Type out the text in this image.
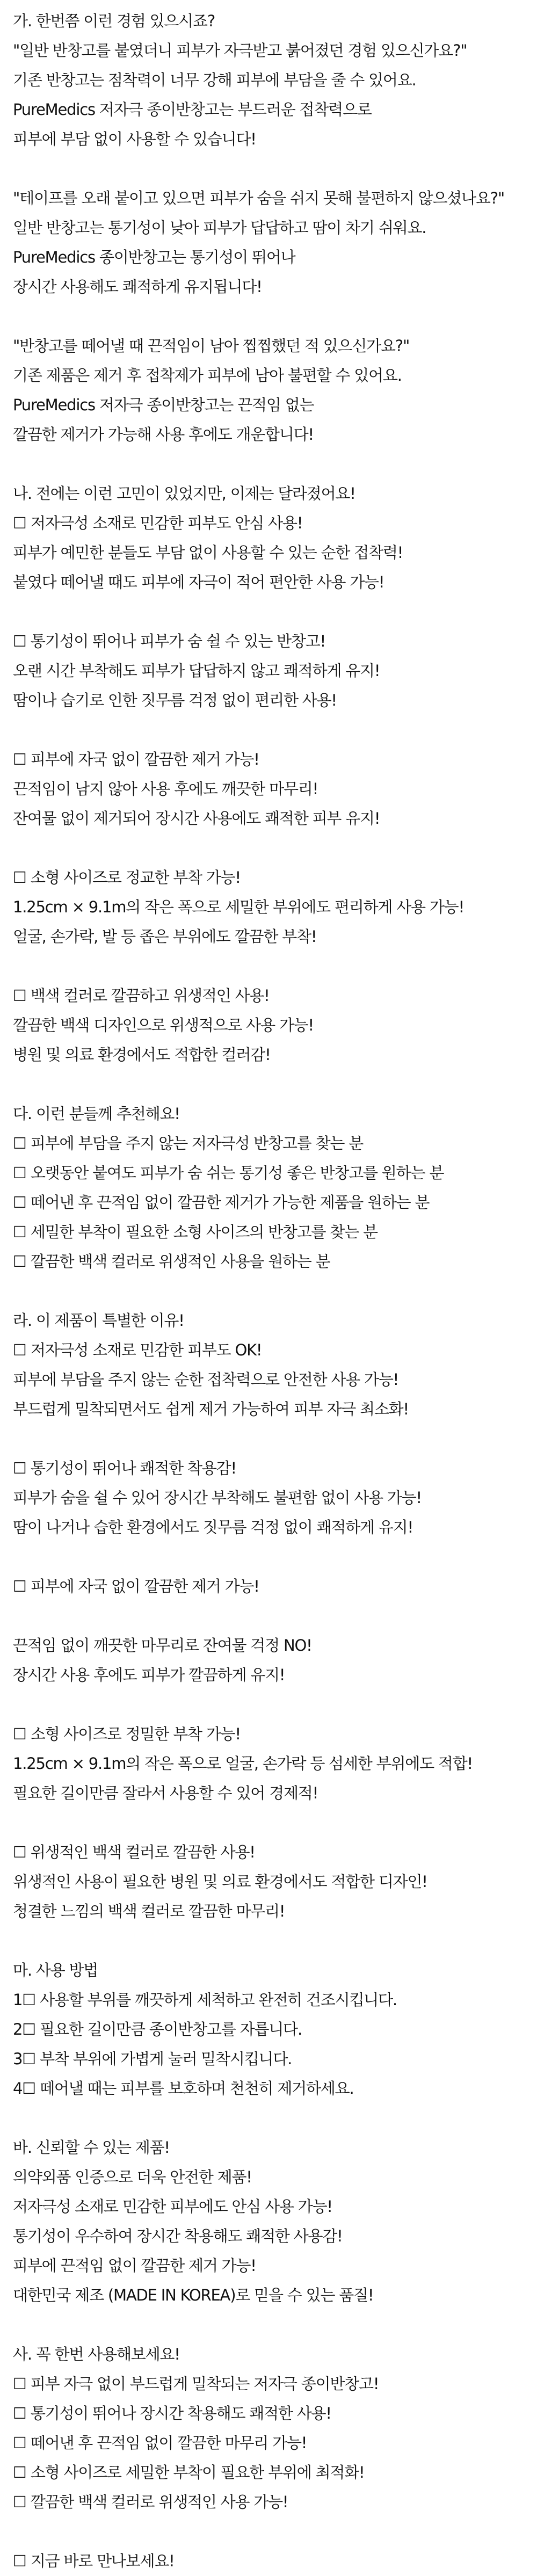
가. 한번쯤 이런 경험 있으시죠?
"일반 반창고를 붙였더니 피부가 자극받고 붉어졌던 경험 있으신가요?"
기존 반창고는 점착력이 너무 강해 피부에 부담을 줄 수 있어요.
PureMedics 저자극 종이반창고는 부드러운 접착력으로
피부에 부담 없이 사용할 수 있습니다!
"테이프를 오래 붙이고 있으면 피부가 숨을 쉬지 못해 불편하지 않으셨나요?"
일반 반창고는 통기성이 낮아 피부가 답답하고 땀이 차기 쉬워요.
PureMedics 종이반창고는 통기성이 뛰어나
장시간 사용해도 쾌적하게 유지됩니다!
"반창고를 떼어낼 때 끈적임이 남아 찝찝했던 적 있으신가요?"
기존 제품은 제거 후 접착제가 피부에 남아 불편할 수 있어요.
PureMedics 저자극 종이반창고는 끈적임 없는
깔끔한 제거가 가능해 사용 후에도 개운합니다!
나. 전에는 이런 고민이 있었지만, 이제는 달라졌어요!
☐ 저자극성 소재로 민감한 피부도 안심 사용!
피부가 예민한 분들도 부담 없이 사용할 수 있는 순한 접착력!
붙였다 떼어낼 때도 피부에 자극이 적어 편안한 사용 가능!
☐ 통기성이 뛰어나 피부가 숨 쉴 수 있는 반창고!
오랜 시간 부착해도 피부가 답답하지 않고 쾌적하게 유지!
땀이나 습기로 인한 짓무름 걱정 없이 편리한 사용!
☐ 피부에 자국 없이 깔끔한 제거 가능!
끈적임이 남지 않아 사용 후에도 깨끗한 마무리!
잔여물 없이 제거되어 장시간 사용에도 쾌적한 피부 유지!
☐ 소형 사이즈로 정교한 부착 가능!
1.25cm × 9.1m의 작은 폭으로 세밀한 부위에도 편리하게 사용 가능!
얼굴, 손가락, 발 등 좁은 부위에도 깔끔한 부착!
☐ 백색 컬러로 깔끔하고 위생적인 사용!
깔끔한 백색 디자인으로 위생적으로 사용 가능!
병원 및 의료 환경에서도 적합한 컬러감!
다. 이런 분들께 추천해요!
☐ 피부에 부담을 주지 않는 저자극성 반창고를 찾는 분
☐ 오랫동안 붙여도 피부가 숨 쉬는 통기성 좋은 반창고를 원하는 분
☐ 떼어낸 후 끈적임 없이 깔끔한 제거가 가능한 제품을 원하는 분
☐ 세밀한 부착이 필요한 소형 사이즈의 반창고를 찾는 분
☐ 깔끔한 백색 컬러로 위생적인 사용을 원하는 분
라. 이 제품이 특별한 이유!
☐ 저자극성 소재로 민감한 피부도 OK!
피부에 부담을 주지 않는 순한 접착력으로 안전한 사용 가능!
부드럽게 밀착되면서도 쉽게 제거 가능하여 피부 자극 최소화!
☐ 통기성이 뛰어나 쾌적한 착용감!
피부가 숨을 쉴 수 있어 장시간 부착해도 불편함 없이 사용 가능!
땀이 나거나 습한 환경에서도 짓무름 걱정 없이 쾌적하게 유지!
☐ 피부에 자국 없이 깔끔한 제거 가능!
끈적임 없이 깨끗한 마무리로 잔여물 걱정 NO!
장시간 사용 후에도 피부가 깔끔하게 유지!
☐ 소형 사이즈로 정밀한 부착 가능!
1.25cm × 9.1m의 작은 폭으로 얼굴, 손가락 등 섬세한 부위에도 적합!
필요한 길이만큼 잘라서 사용할 수 있어 경제적!
☐ 위생적인 백색 컬러로 깔끔한 사용!
위생적인 사용이 필요한 병원 및 의료 환경에서도 적합한 디자인!
청결한 느낌의 백색 컬러로 깔끔한 마무리!
마. 사용 방법
1☐ 사용할 부위를 깨끗하게 세척하고 완전히 건조시킵니다.
2☐ 필요한 길이만큼 종이반창고를 자릅니다.
3☐ 부착 부위에 가볍게 눌러 밀착시킵니다.
4☐ 떼어낼 때는 피부를 보호하며 천천히 제거하세요.
바. 신뢰할 수 있는 제품!
의약외품 인증으로 더욱 안전한 제품!
저자극성 소재로 민감한 피부에도 안심 사용 가능!
통기성이 우수하여 장시간 착용해도 쾌적한 사용감!
피부에 끈적임 없이 깔끔한 제거 가능!
대한민국 제조 (MADE IN KOREA)로 믿을 수 있는 품질!
사. 꼭 한번 사용해보세요!
☐ 피부 자극 없이 부드럽게 밀착되는 저자극 종이반창고!
☐ 통기성이 뛰어나 장시간 착용해도 쾌적한 사용!
☐ 떼어낸 후 끈적임 없이 깔끔한 마무리 가능!
☐ 소형 사이즈로 세밀한 부착이 필요한 부위에 최적화!
☐ 깔끔한 백색 컬러로 위생적인 사용 가능!
☐ 지금 바로 만나보세요!
